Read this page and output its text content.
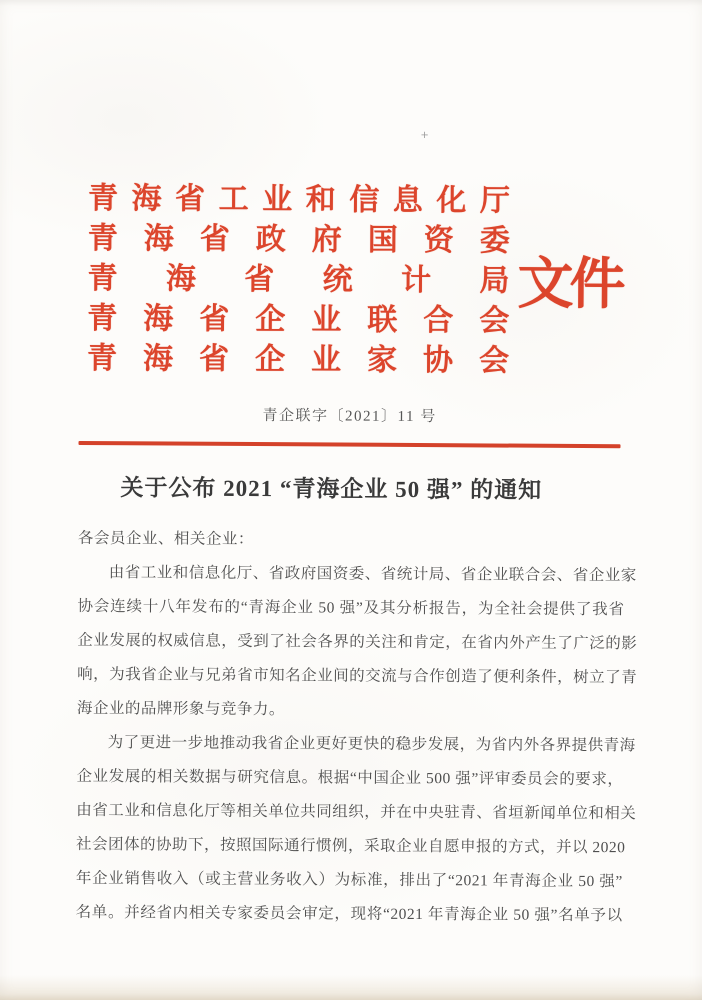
+
青 海 省 工 业 和 信 息 化 厅
青 海 省 政 府 国 资 委
青 海 省 统 计 局
青 海 省 企 业 联 合 会
青 海 省 企 业 家 协 会
文件
青企联字〔2021〕11 号
关于公布 2021 “青海企业 50 强” 的通知
各会员企业、相关企业：
由省工业和信息化厅、省政府国资委、省统计局、省企业联合会、省企业家
协会连续十八年发布的“青海企业 50 强”及其分析报告，为全社会提供了我省
企业发展的权威信息，受到了社会各界的关注和肯定，在省内外产生了广泛的影
响，为我省企业与兄弟省市知名企业间的交流与合作创造了便利条件，树立了青
海企业的品牌形象与竞争力。
为了更进一步地推动我省企业更好更快的稳步发展，为省内外各界提供青海
企业发展的相关数据与研究信息。根据“中国企业 500 强”评审委员会的要求，
由省工业和信息化厅等相关单位共同组织，并在中央驻青、省垣新闻单位和相关
社会团体的协助下，按照国际通行惯例，采取企业自愿申报的方式，并以 2020
年企业销售收入（或主营业务收入）为标准，排出了“2021 年青海企业 50 强”
名单。并经省内相关专家委员会审定，现将“2021 年青海企业 50 强”名单予以
